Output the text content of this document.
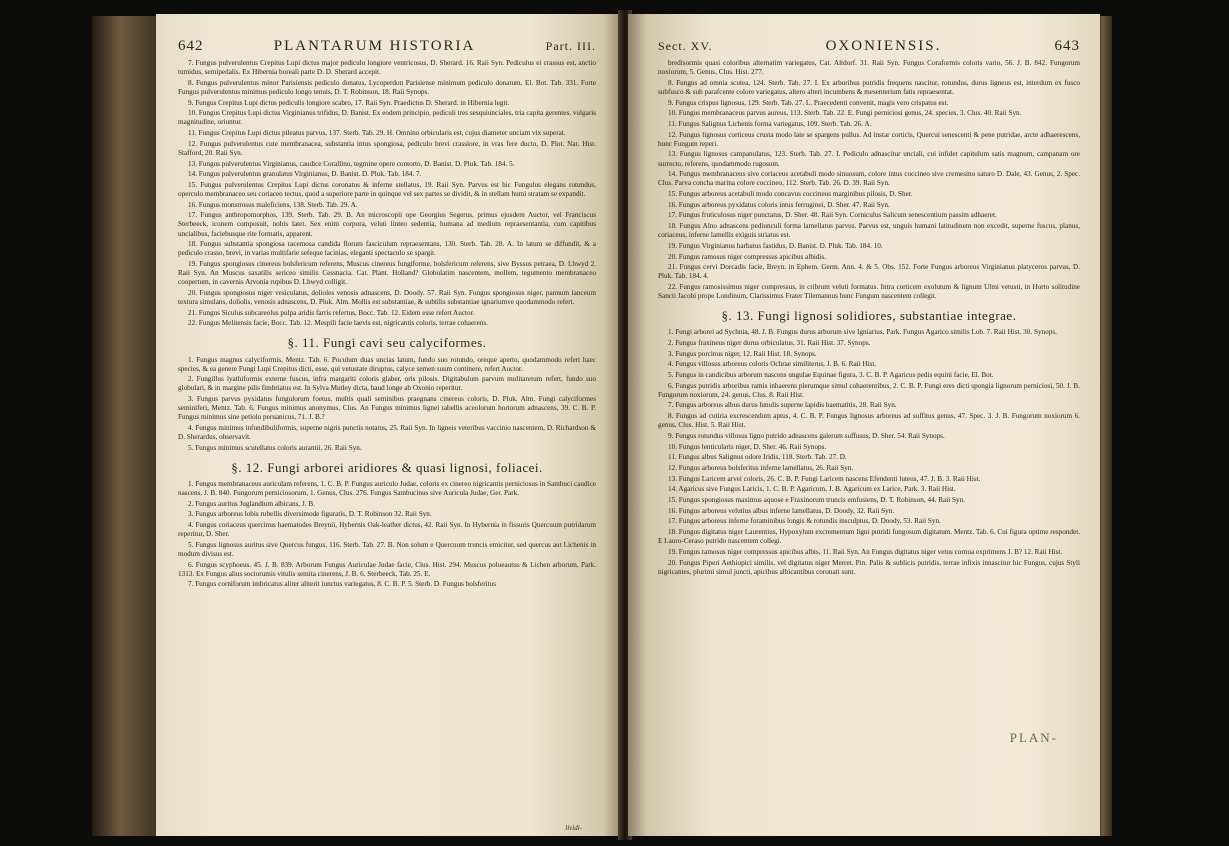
642	PLANTARUM HISTORIA	Part. III.

7. Fungus pulverulentus Crepitus Lupi dictus major pediculo longiore ventricosus, D. Sherard. 16. Raii Syn. Pediculus ei crassus est, anctio tumidus, semipedalis. Ex Hibernia boreali parte D. D. Sherard accepit.

8. Fungus pulverulentus minor Parisiensis pediculo donatus, Lycoperdon Parisiense minimum pediculo donatum, El. Bot. Tab. 331. Forte Fungus pulverulentus minimus pediculo longo tenuis, D. T. Robinson, 18. Raii Synops.

9. Fungus Crepitus Lupi dictus pediculis longiore scabro, 17. Raii Syn. Praedictus D. Sherard. in Hibernia legit.

10. Fungus Crepitus Lupi dictus Virginianus trifidus, D. Banist. Ex eodem principio, pediculi tres sesquiunciales, tria capita gerentes, vulgaris magnitudine, oriuntur.

11. Fungus Crepitus Lupi dictus pileatus parvus, 137. Sterb. Tab. 29. H. Omnino orbicularis est, cujus diameter unciam vix superat.

12. Fungus pulverulentus cute membranacea, substantia intus spongiosa, pediculo brevi crassiore, in vras fere ducto, D. Plot. Nat. Hist. Stafford, 20. Raii Syn.

13. Fungus pulverulentus Virginianus, caudice Corallino, tegmine opere contorto, D. Banist. D. Pluk. Tab. 184. 5.

14. Fungus pulverulentus granulatus Virginianus, D. Banist. D. Pluk. Tab. 184. 7.

15. Fungus pulverulentus Crepitus Lupi dictus coronatus & inferne stellatus, 19. Raii Syn. Parvus est hic Fungulus elegans rotundus, operculo membranaceo seu coriaceo tectus, quod a superiore parte in quinque vel sex partes se dividit, & in stellam humi stratam se expandit.

16. Fungus monstrosus maleficiens, 138. Sterb. Tab. 29. A.

17. Fungus anthropomorphos, 139. Sterb. Tab. 29. B. An microscopii ope Georgius Segerus, primus ejusdem Auctor, vel Franciscus Sterbeeck, iconem composuit, nobis latet. Sex enim corpora, veluti linteo sedentia, humana ad medium repraesentantia, cum capitibus uncialibus, faciebusque rite formatis, apparent.

18. Fungus substantia spongiosa racemosa candida florum fasciculum repraesentans, 130. Sterb. Tab. 28. A. In latum se diffundit, & a pediculo crasso, brevi, in varias multifarie sefeque lacinias, eleganti spectaculo se spargit.

19. Fungus spongiosus cinereus bolsfericum referens, Muscus cinereus fungiforme, bolsfericum referens, sive Byssus petraea, D. Lhwyd 2. Raii Syn. An Muscus saxatilis sericeo similis Cessnacia. Cat. Plant. Holland? Globulatim nascentem, mollem, tegumento membranaceo coopertum, in cavernis Arvonia rupibus D. Lhwyd colligit.

20. Fungus spongiosus niger vesiculatus, dolioles venosis adnascens, D. Doody. 57. Raii Syn. Fungus spongiosus niger, pannum lanceum textura simulans, doliolis, venosis adnascens, D. Pluk. Alm. Mollis est substantiae, & subtilis substantiae ignariumve quodammodo refert.

21. Fungus Siculus subcareolus pulpa aridis farris refertus, Bocc. Tab. 12. Eidem esse refert Auctor.

22. Fungus Melitensis facie, Bocc. Tab. 12. Mespili facie laevis est, nigricantis coloris, terrae cohaerens.

§. 11. Fungi cavi seu calyciformes.

1. Fungus magnus calyciformis, Mentz. Tab. 6. Poculum duas uncias latum, fundo suo rotundo, oreque aperto, quodammodo refert haec species, & ea genere Fungi Lupi Crepitus dicti, esse, qui vetustate diruptus, calyce semen suum continere, refert Auctor.

2. Fungillus lyathiformis externe fuscus, infra margariti coloris glaber, oris pilosis. Digitabulum parvum mulitaretum refert, fundo suo globulari, & in margine pilis fimbriatus est. In Sylva Mutley dicta, haud longe ab Oxonio reperitur.

3. Fungus parvus pyxidatus fungulorum foetus, multis quali seminibus praegnans cinereus coloris, D. Pluk. Alm. Fungi calyciformes seminiferi, Mentz. Tab. 6. Fungus minimus anonymus, Clus. An Fungus minimus lignei tabellis aceolorum hortorum adnascens, 39. C. B. P. Fungus minimus sine petiolo peruanicus, 71. J. B.?

4. Fungus minimus infundibuliformis, superne nigris punctis notatus, 25. Raii Syn. In ligneis veteribus vaccinio nascentem, D. Richardson & D. Sherardus, observavit.

5. Fungus minimus scutellatus coloris aurantii, 26. Raii Syn.

§. 12. Fungi arborei aridiores & quasi lignosi, foliacei.

1. Fungus membranaceus auriculam referens, 1. C. B. P. Fungus auriculo Judae, coloris ex cinereo nigricantis perniciosus in Sambuci caudice nascens, J. B. 840. Fungorum perniciosorum, 1. Genus, Clus. 276. Fungus Sambucinus sive Auricula Judae, Ger. Park.

2. Fungus auritus Juglandium albicans, J. B.

3. Fungus arboreus lobis rubellis diversimode figuratis, D. T. Robinson 32. Raii Syn.

4. Fungus coriaceus quercinus haematodes Breynii, Hybernis Oak-leather dictus, 42. Raii Syn. In Hybernia in fissuris Quercuum putridarum reperitur, D. Sher.

5. Fungus lignosus auritus sive Quercus fungus, 116. Sterb. Tab. 27. B. Non solum e Quercuum truncis emicitur, sed quercus aut Lichenis in modum divisus est.

6. Fungus scyphoeus. 45. J. B. 839. Arborum Fungus Auriculae Judae facie, Clus. Hist. 294. Muscus polueautus & Lichen arborum, Park. 1313. Ex Fungus alius sociorumis vitulis semita cinerens, J. B. 6. Sterbeeck, Tab. 25. E.

7. Fungus corniforum imbricatus aliter aliterit iunctus variegatus, 8. C. B. P. 5. Sterb. D. Fungus bolsferitus

lividi-
Sect. XV.	OXONIENSIS.	643

bredisormis quasi coloribus alternatim variegatus, Cat. Altdorf. 31. Raii Syn. Fungus Coraformis coloris vario, 56. J. B. 842. Fungorum noxiorum, 5. Genus, Clus. Hist. 277.

8. Fungus ad omnia scutea, 124. Sterb. Tab. 27. I. Ex arboribus putridis frequens nascitur, rotundus, durus ligneus est, interdum ex fusco subfusco & sub parafcente colore variegatus, altero alteri incumbens & mesenterium fatis repraesentat.

9. Fungus crispus lignosus, 129. Sterb. Tab. 27. L. Praecedenti convenit, magis vero crispatus est.

10. Fungus membranaceus parvus aureus, 113. Sterb. Tab. 22. E. Fungi perniciosi genus, 24. species, 3. Clus. 40. Raii Syn.

11. Fungus Salignus Lichenis forma variegatus, 109. Sterb. Tab. 26. A.

12. Fungus lignosus corticeus crusta modo late se spargens pullus. Ad instar corticis, Quercui senescenti & pene putridae, arcte adhaerescens, hunc Fungum reperi.

13. Fungus lignosus campanulatus, 123. Sterb. Tab. 27. I. Pediculo adnascitur unciali, cui infidet capitulum satis magnum, campanam ore surrecto, referens, quodammodo rugosum.

14. Fungus membranaceus sive coriaceus acetabuli modo sinuosum, colore intus coccineo sive cremesino saturo D. Dale, 43. Genus, 2. Spec. Clus. Parva concha marina colore coccineo, 112. Sterb. Tab. 26. D. 39. Raii Syn.

15. Fungus arboreus acetabuli modo concavus coccineus marginibus pilosis, D. Sher.

16. Fungus arboreus pyxidatus coloris intus ferruginei, D. Sher. 47. Raii Syn.

17. Fungus fruticulosus niger punctatus, D. Sher. 48. Raii Syn. Corniculus Salicum senescentium passim adhaeret.

18. Fungus Alno adnascens pediunculi forma lamellatus parvus. Parvus est, unguis humani latitudinem non excedit, superne fuscus, planus, coriaceus, inferne lamellis exiguis striatus est.

19. Fungus Virginianus barbatus fastidus, D. Banist. D. Pluk. Tab. 184. 10.

20. Fungus ramosus niger compressus apicibus albidis.

21. Fungus cervi Dorcadis facie, Breyn. in Ephem. Germ. Ann. 4. & 5. Obs. 152. Forte Fungus arboreus Virginianus platyceros parvus, D. Pluk. Tab. 184. 4.

22. Fungus ramosissimus niger compressus, in cribrum veluti formatus. Intra corticem exolutum & lignum Ulmi vetusti, in Horto solitudine Sancti Jacobi prope Londinum, Clarissimus Frater Tilemannus hunc Fungum nascentem collegit.

§. 13. Fungi lignosi solidiores, substantiae integrae.

1. Fungi arborei ad Sychnia, 48. J. B. Fungus durus arborum sive Igniarius, Park. Fungus Agarico similis Lob. 7. Raii Hist. 30. Synops.

2. Fungus fraxineus niger durus orbiculatus, 31. Raii Hist. 37. Synops.

3. Fungus porcinus niger, 12. Raii Hist. 18. Synops.

4. Fungus villosus arboreus coloris Ochrae similiterus, J. B. 6. Raii Hist.

5. Fungus in candicibus arborum nascens ungulae Equinae figura, 3. C. B. P. Agaricus pedis equini facie, El. Bot.

6. Fungus putridis arboribus ramis inhaerens plerumque simul cohaerentibus, 2. C. B. P. Fungi eres dicti spongia lignorum perniciosi, 50. J. B. Fungorum noxiorum, 24. genus, Clus. 8. Raii Hist.

7. Fungus arboreus albus durus lunulis superne lapidis haematitis, 28. Raii Syn.

8. Fungus ad cutiria excrescendum aptus, 4. C. B. P. Fungus lignosus arboreus ad suffitus genus, 47. Spec. 3. J. B. Fungorum noxiorum 6. genus, Clus. Hist. 5. Raii Hist.

9. Fungus rotundus villosus ligno putrido adnascens galerum suffusus, D. Sher. 54. Raii Synops.

10. Fungus lenticularis niger, D. Sher. 46. Raii Synops.

11. Fungus albus Salignus odore Iridis, 118. Sterb. Tab. 27. D.

12. Fungus arboreus bolsferitus inferne lamellatus, 26. Raii Syn.

13. Fungus Laricem arvei coloris, 26. C. B. P. Fungi Laricem nascens Efendenti luteus, 47. J. B. 3. Raii Hist.

14. Agaricus sive Fungus Laricis, 1. C. B. P. Agaricum, J. B. Agaricum ex Larice, Park. 3. Raii Hist.

15. Fungus spongiosus maximus aquose e Fraxinorum truncis emfusiens, D. T. Robinson, 44. Raii Syn.

16. Fungus arboreus velutius albus inferne lamellatus, D. Doody, 32. Raii Syn.

17. Fungus arboreus inferne foraminibus longis & rotundis insculptus, D. Doody, 53. Raii Syn.

18. Fungus digitatus niger Laurentius, Hypoxylum excrementum ligni putridi fungosum digitatum. Mentz. Tab. 6. Cui figura optime respondet. E Lauro-Ceraso putrido nascentem collegi.

19. Fungus ramosus niger compressus apicibus albis, 11. Raii Syn. An Fungus digitatus niger vetus cornua exprimens J. B? 12. Raii Hist.

20. Fungus Piperi Aethiopici similis, vel digitatus niger Merret. Pin. Palis & sublicis putridis, terrae infixis innascitur hic Fungus, cujus Styli nigricantes, plurimi simul juncti, apicibus albicantibus coronati sunt.

PLAN-
